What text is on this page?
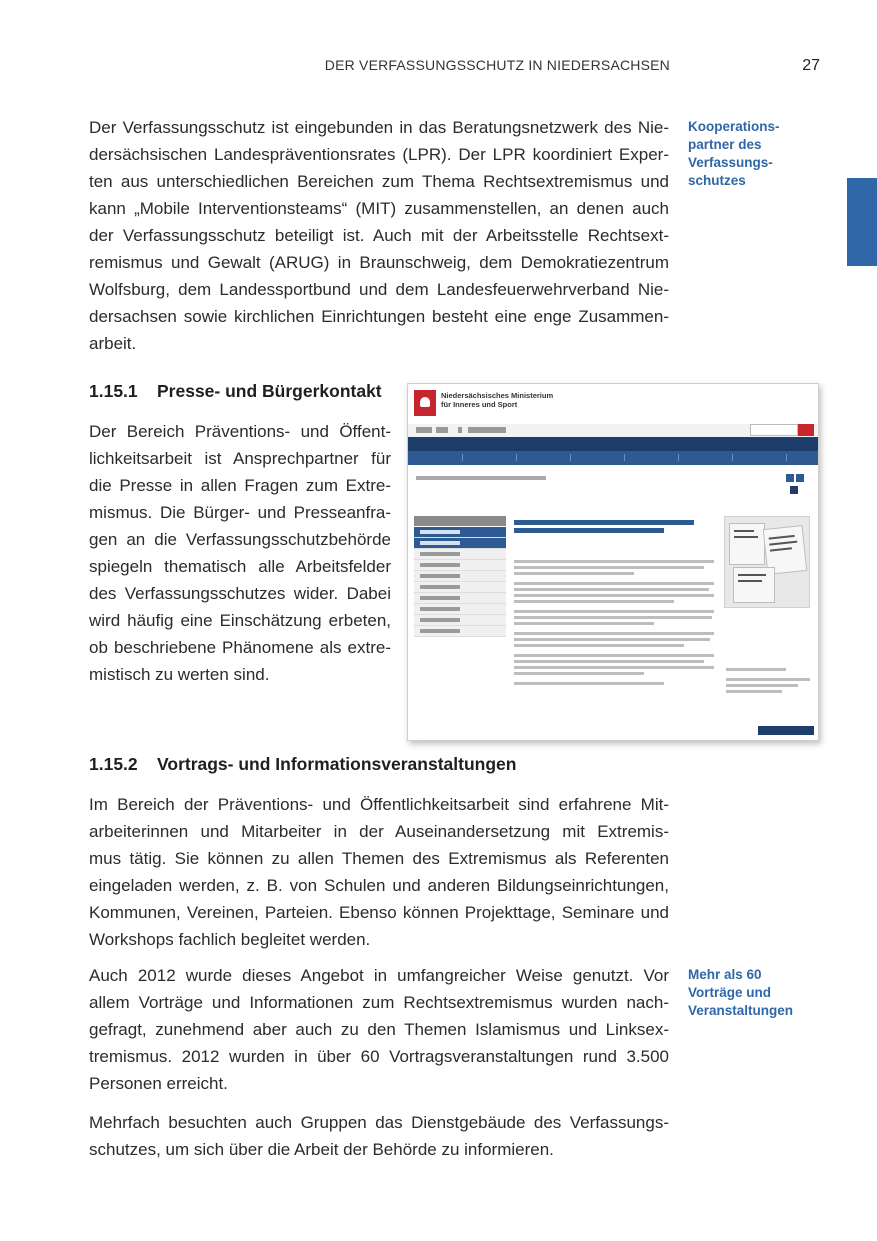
DER VERFASSUNGSSCHUTZ IN NIEDERSACHSEN	27
Der Verfassungsschutz ist eingebunden in das Beratungsnetzwerk des Nie-
dersächsischen Landespräventionsrates (LPR). Der LPR koordiniert Exper-
ten aus unterschiedlichen Bereichen zum Thema Rechtsextremismus und
kann „Mobile Interventionsteams“ (MIT) zusammenstellen, an denen auch
der Verfassungsschutz beteiligt ist. Auch mit der Arbeitsstelle Rechtsext-
remismus und Gewalt (ARUG) in Braunschweig, dem Demokratiezentrum
Wolfsburg, dem Landessportbund und dem Landesfeuerwehrverband Nie-
dersachsen sowie kirchlichen Einrichtungen besteht eine enge Zusammen-
arbeit.
Kooperations-
partner des
Verfassungs-
schutzes
1.15.1 Presse- und Bürgerkontakt
Der Bereich Präventions- und Öffent-
lichkeitsarbeit ist Ansprechpartner für
die Presse in allen Fragen zum Extre-
mismus. Die Bürger- und Presseanfra-
gen an die Verfassungsschutzbehörde
spiegeln thematisch alle Arbeitsfelder
des Verfassungsschutzes wider. Dabei
wird häufig eine Einschätzung erbeten,
ob beschriebene Phänomene als extre-
mistisch zu werten sind.
Niedersächsisches Ministerium
für Inneres und Sport
1.15.2 Vortrags- und Informationsveranstaltungen
Im Bereich der Präventions- und Öffentlichkeitsarbeit sind erfahrene Mit-
arbeiterinnen und Mitarbeiter in der Auseinandersetzung mit Extremis-
mus tätig. Sie können zu allen Themen des Extremismus als Referenten
eingeladen werden, z. B. von Schulen und anderen Bildungseinrichtungen,
Kommunen, Vereinen, Parteien. Ebenso können Projekttage, Seminare und
Workshops fachlich begleitet werden.
Auch 2012 wurde dieses Angebot in umfangreicher Weise genutzt. Vor
allem Vorträge und Informationen zum Rechtsextremismus wurden nach-
gefragt, zunehmend aber auch zu den Themen Islamismus und Linksex-
tremismus. 2012 wurden in über 60 Vortragsveranstaltungen rund 3.500
Personen erreicht.
Mehrfach besuchten auch Gruppen das Dienstgebäude des Verfassungs-
schutzes, um sich über die Arbeit der Behörde zu informieren.
Mehr als 60
Vorträge und
Veranstaltungen
